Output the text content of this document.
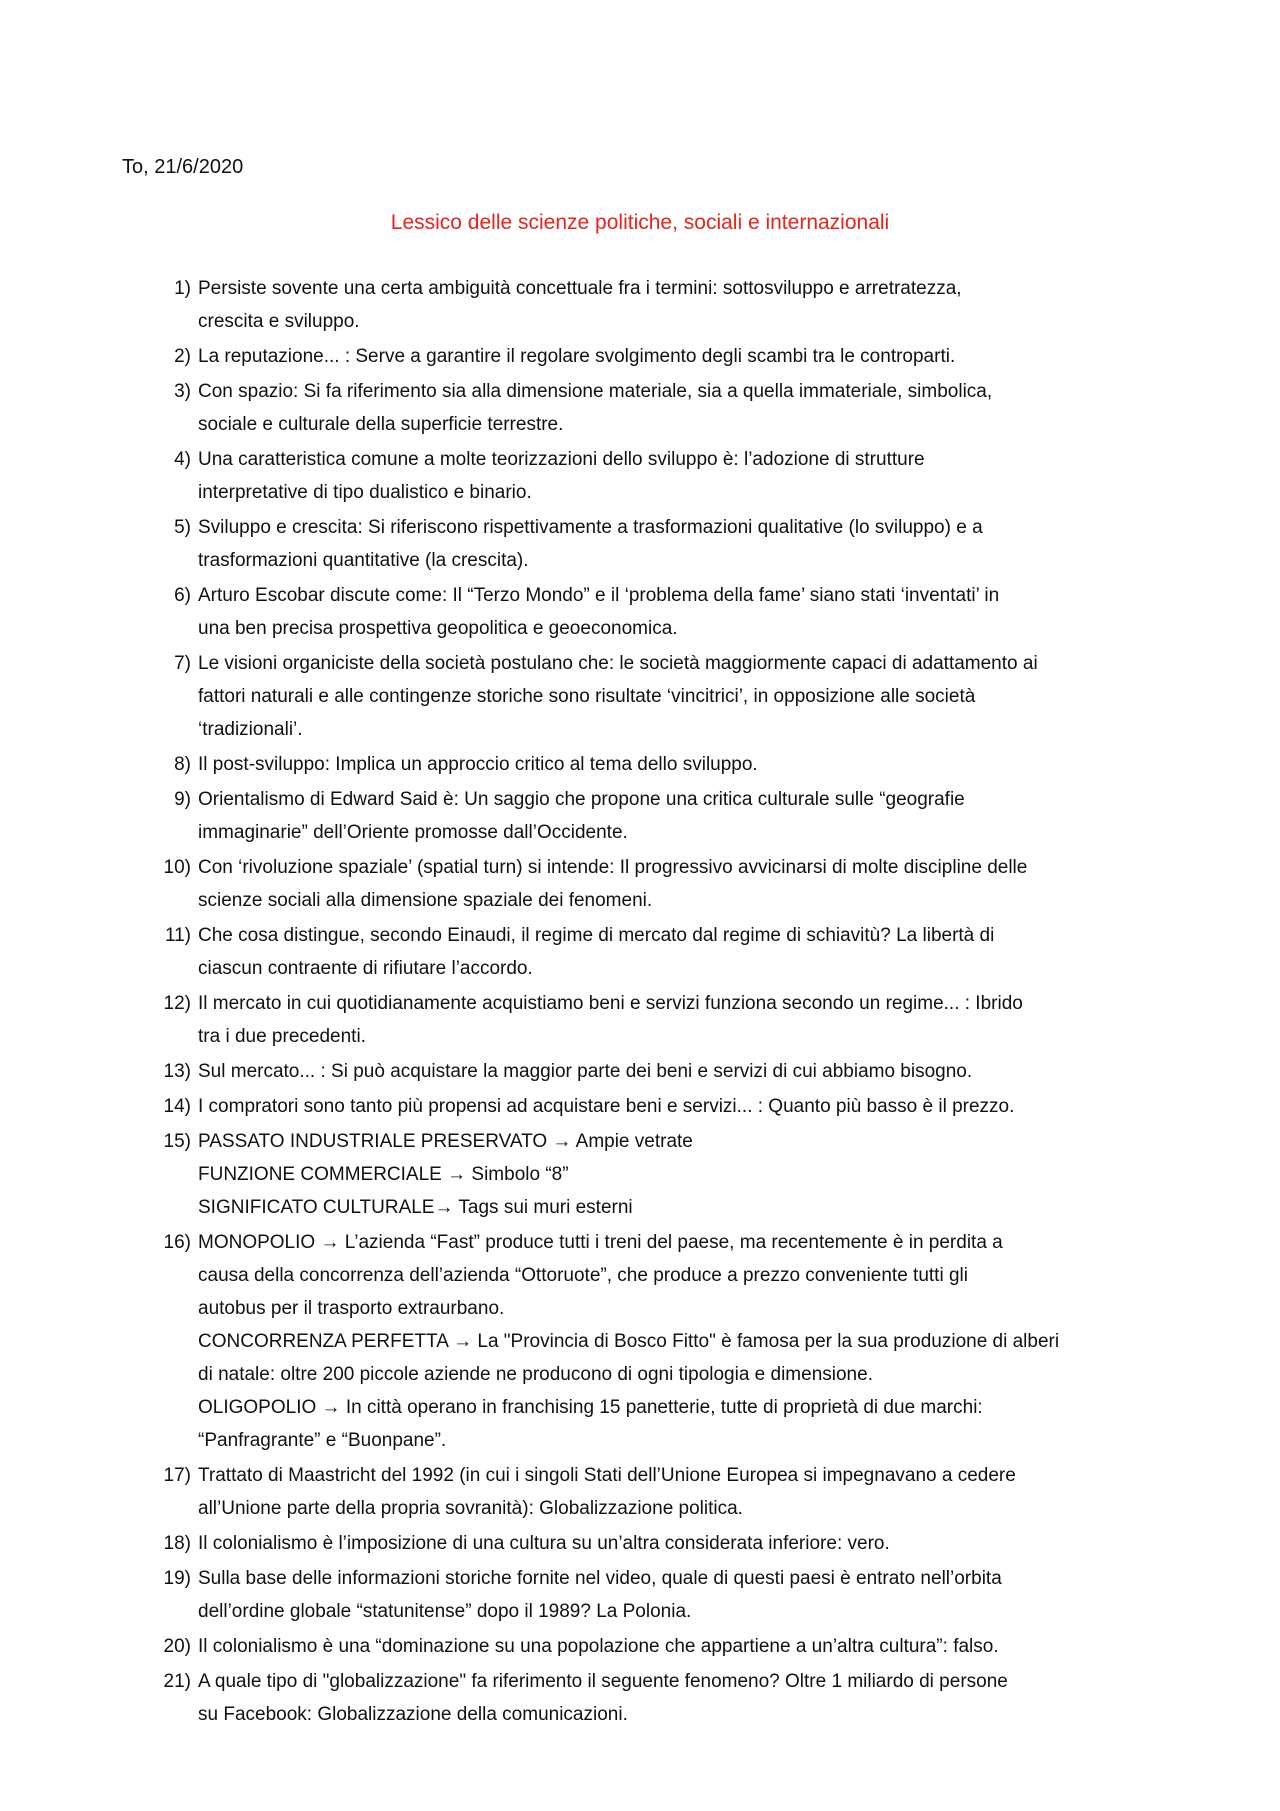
To, 21/6/2020
Lessico delle scienze politiche, sociali e internazionali
1) Persiste sovente una certa ambiguità concettuale fra i termini: sottosviluppo e arretratezza,
crescita e sviluppo.
2) La reputazione... : Serve a garantire il regolare svolgimento degli scambi tra le controparti.
3) Con spazio: Si fa riferimento sia alla dimensione materiale, sia a quella immateriale, simbolica,
sociale e culturale della superficie terrestre.
4) Una caratteristica comune a molte teorizzazioni dello sviluppo è: l’adozione di strutture
interpretative di tipo dualistico e binario.
5) Sviluppo e crescita: Si riferiscono rispettivamente a trasformazioni qualitative (lo sviluppo) e a
trasformazioni quantitative (la crescita).
6) Arturo Escobar discute come: Il “Terzo Mondo” e il ‘problema della fame’ siano stati ‘inventati’ in
una ben precisa prospettiva geopolitica e geoeconomica.
7) Le visioni organiciste della società postulano che: le società maggiormente capaci di adattamento ai
fattori naturali e alle contingenze storiche sono risultate ‘vincitrici’, in opposizione alle società
‘tradizionali’.
8) Il post-sviluppo: Implica un approccio critico al tema dello sviluppo.
9) Orientalismo di Edward Said è: Un saggio che propone una critica culturale sulle “geografie
immaginarie” dell’Oriente promosse dall’Occidente.
10) Con ‘rivoluzione spaziale’ (spatial turn) si intende: Il progressivo avvicinarsi di molte discipline delle
scienze sociali alla dimensione spaziale dei fenomeni.
11) Che cosa distingue, secondo Einaudi, il regime di mercato dal regime di schiavitù? La libertà di
ciascun contraente di rifiutare l’accordo.
12) Il mercato in cui quotidianamente acquistiamo beni e servizi funziona secondo un regime... : Ibrido
tra i due precedenti.
13) Sul mercato... : Si può acquistare la maggior parte dei beni e servizi di cui abbiamo bisogno.
14) I compratori sono tanto più propensi ad acquistare beni e servizi... : Quanto più basso è il prezzo.
15) PASSATO INDUSTRIALE PRESERVATO → Ampie vetrate
FUNZIONE COMMERCIALE → Simbolo “8”
SIGNIFICATO CULTURALE→ Tags sui muri esterni
16) MONOPOLIO → L’azienda “Fast” produce tutti i treni del paese, ma recentemente è in perdita a
causa della concorrenza dell’azienda “Ottoruote”, che produce a prezzo conveniente tutti gli
autobus per il trasporto extraurbano.
CONCORRENZA PERFETTA → La "Provincia di Bosco Fitto" è famosa per la sua produzione di alberi
di natale: oltre 200 piccole aziende ne producono di ogni tipologia e dimensione.
OLIGOPOLIO → In città operano in franchising 15 panetterie, tutte di proprietà di due marchi:
“Panfragrante” e “Buonpane”.
17) Trattato di Maastricht del 1992 (in cui i singoli Stati dell’Unione Europea si impegnavano a cedere
all’Unione parte della propria sovranità): Globalizzazione politica.
18) Il colonialismo è l’imposizione di una cultura su un’altra considerata inferiore: vero.
19) Sulla base delle informazioni storiche fornite nel video, quale di questi paesi è entrato nell’orbita
dell’ordine globale “statunitense” dopo il 1989? La Polonia.
20) Il colonialismo è una “dominazione su una popolazione che appartiene a un’altra cultura”: falso.
21) A quale tipo di "globalizzazione" fa riferimento il seguente fenomeno? Oltre 1 miliardo di persone
su Facebook: Globalizzazione della comunicazioni.
